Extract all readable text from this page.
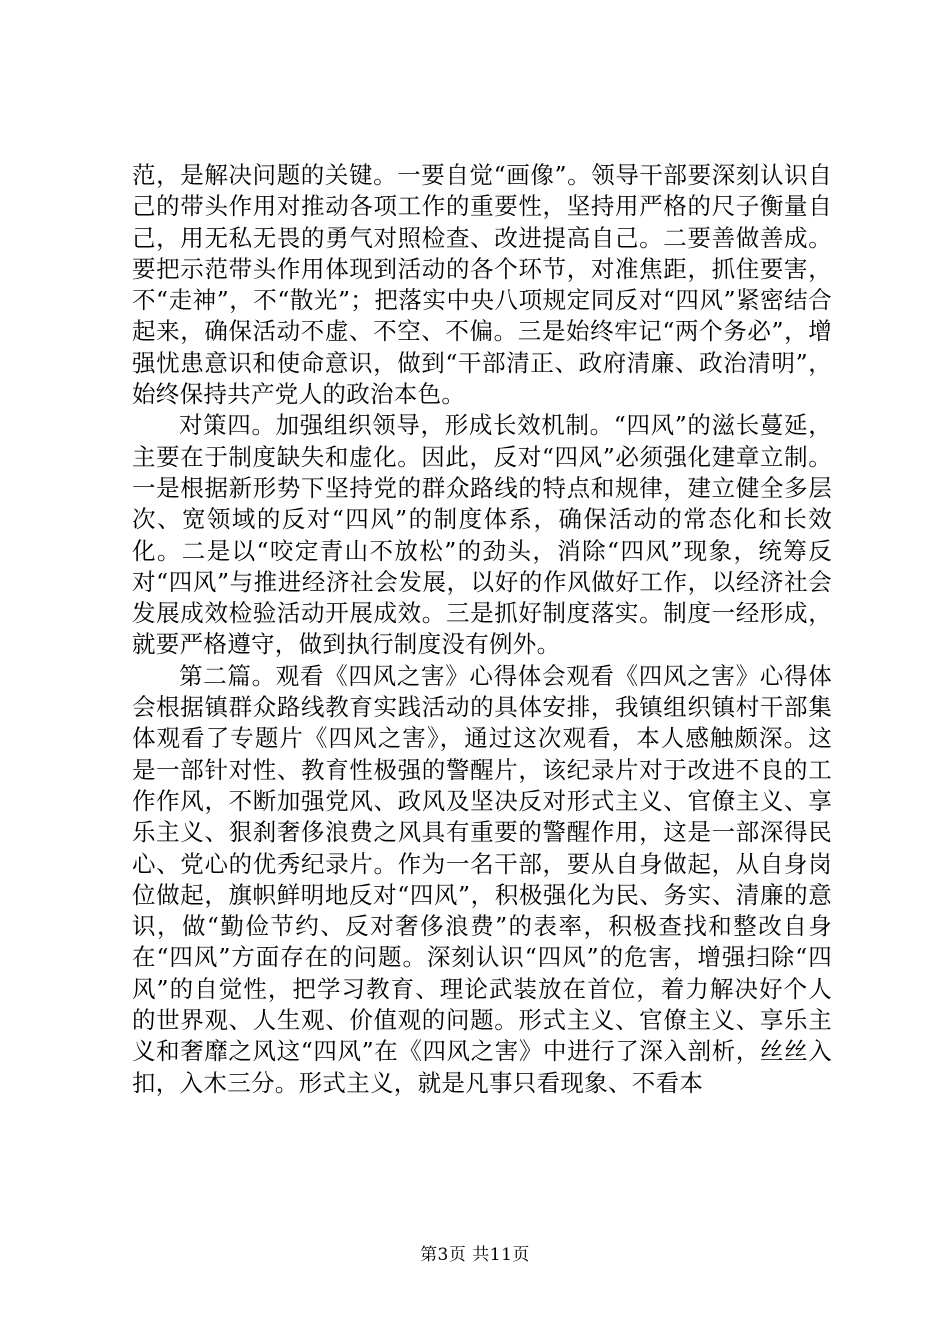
范，是解决问题的关键。一要自觉“画像”。领导干部要深刻认识自己的带头作用对推动各项工作的重要性，坚持用严格的尺子衡量自己，用无私无畏的勇气对照检查、改进提高自己。二要善做善成。要把示范带头作用体现到活动的各个环节，对准焦距，抓住要害，不“走神”，不“散光”；把落实中央八项规定同反对“四风”紧密结合起来，确保活动不虚、不空、不偏。三是始终牢记“两个务必”，增强忧患意识和使命意识，做到“干部清正、政府清廉、政治清明”，始终保持共产党人的政治本色。

对策四。加强组织领导，形成长效机制。“四风”的滋长蔓延，主要在于制度缺失和虚化。因此，反对“四风”必须强化建章立制。一是根据新形势下坚持党的群众路线的特点和规律，建立健全多层次、宽领域的反对“四风”的制度体系，确保活动的常态化和长效化。二是以“咬定青山不放松”的劲头，消除“四风”现象，统筹反对“四风”与推进经济社会发展，以好的作风做好工作，以经济社会发展成效检验活动开展成效。三是抓好制度落实。制度一经形成，就要严格遵守，做到执行制度没有例外。

第二篇。观看《四风之害》心得体会观看《四风之害》心得体会根据镇群众路线教育实践活动的具体安排，我镇组织镇村干部集体观看了专题片《四风之害》，通过这次观看，本人感触颇深。这是一部针对性、教育性极强的警醒片，该纪录片对于改进不良的工作作风，不断加强党风、政风及坚决反对形式主义、官僚主义、享乐主义、狠刹奢侈浪费之风具有重要的警醒作用，这是一部深得民心、党心的优秀纪录片。作为一名干部，要从自身做起，从自身岗位做起，旗帜鲜明地反对“四风”，积极强化为民、务实、清廉的意识，做“勤俭节约、反对奢侈浪费”的表率，积极查找和整改自身在“四风”方面存在的问题。深刻认识“四风”的危害，增强扫除“四风”的自觉性，把学习教育、理论武装放在首位，着力解决好个人的世界观、人生观、价值观的问题。形式主义、官僚主义、享乐主义和奢靡之风这“四风”在《四风之害》中进行了深入剖析，丝丝入扣，入木三分。形式主义，就是凡事只看现象、不看本

第3页 共11页
